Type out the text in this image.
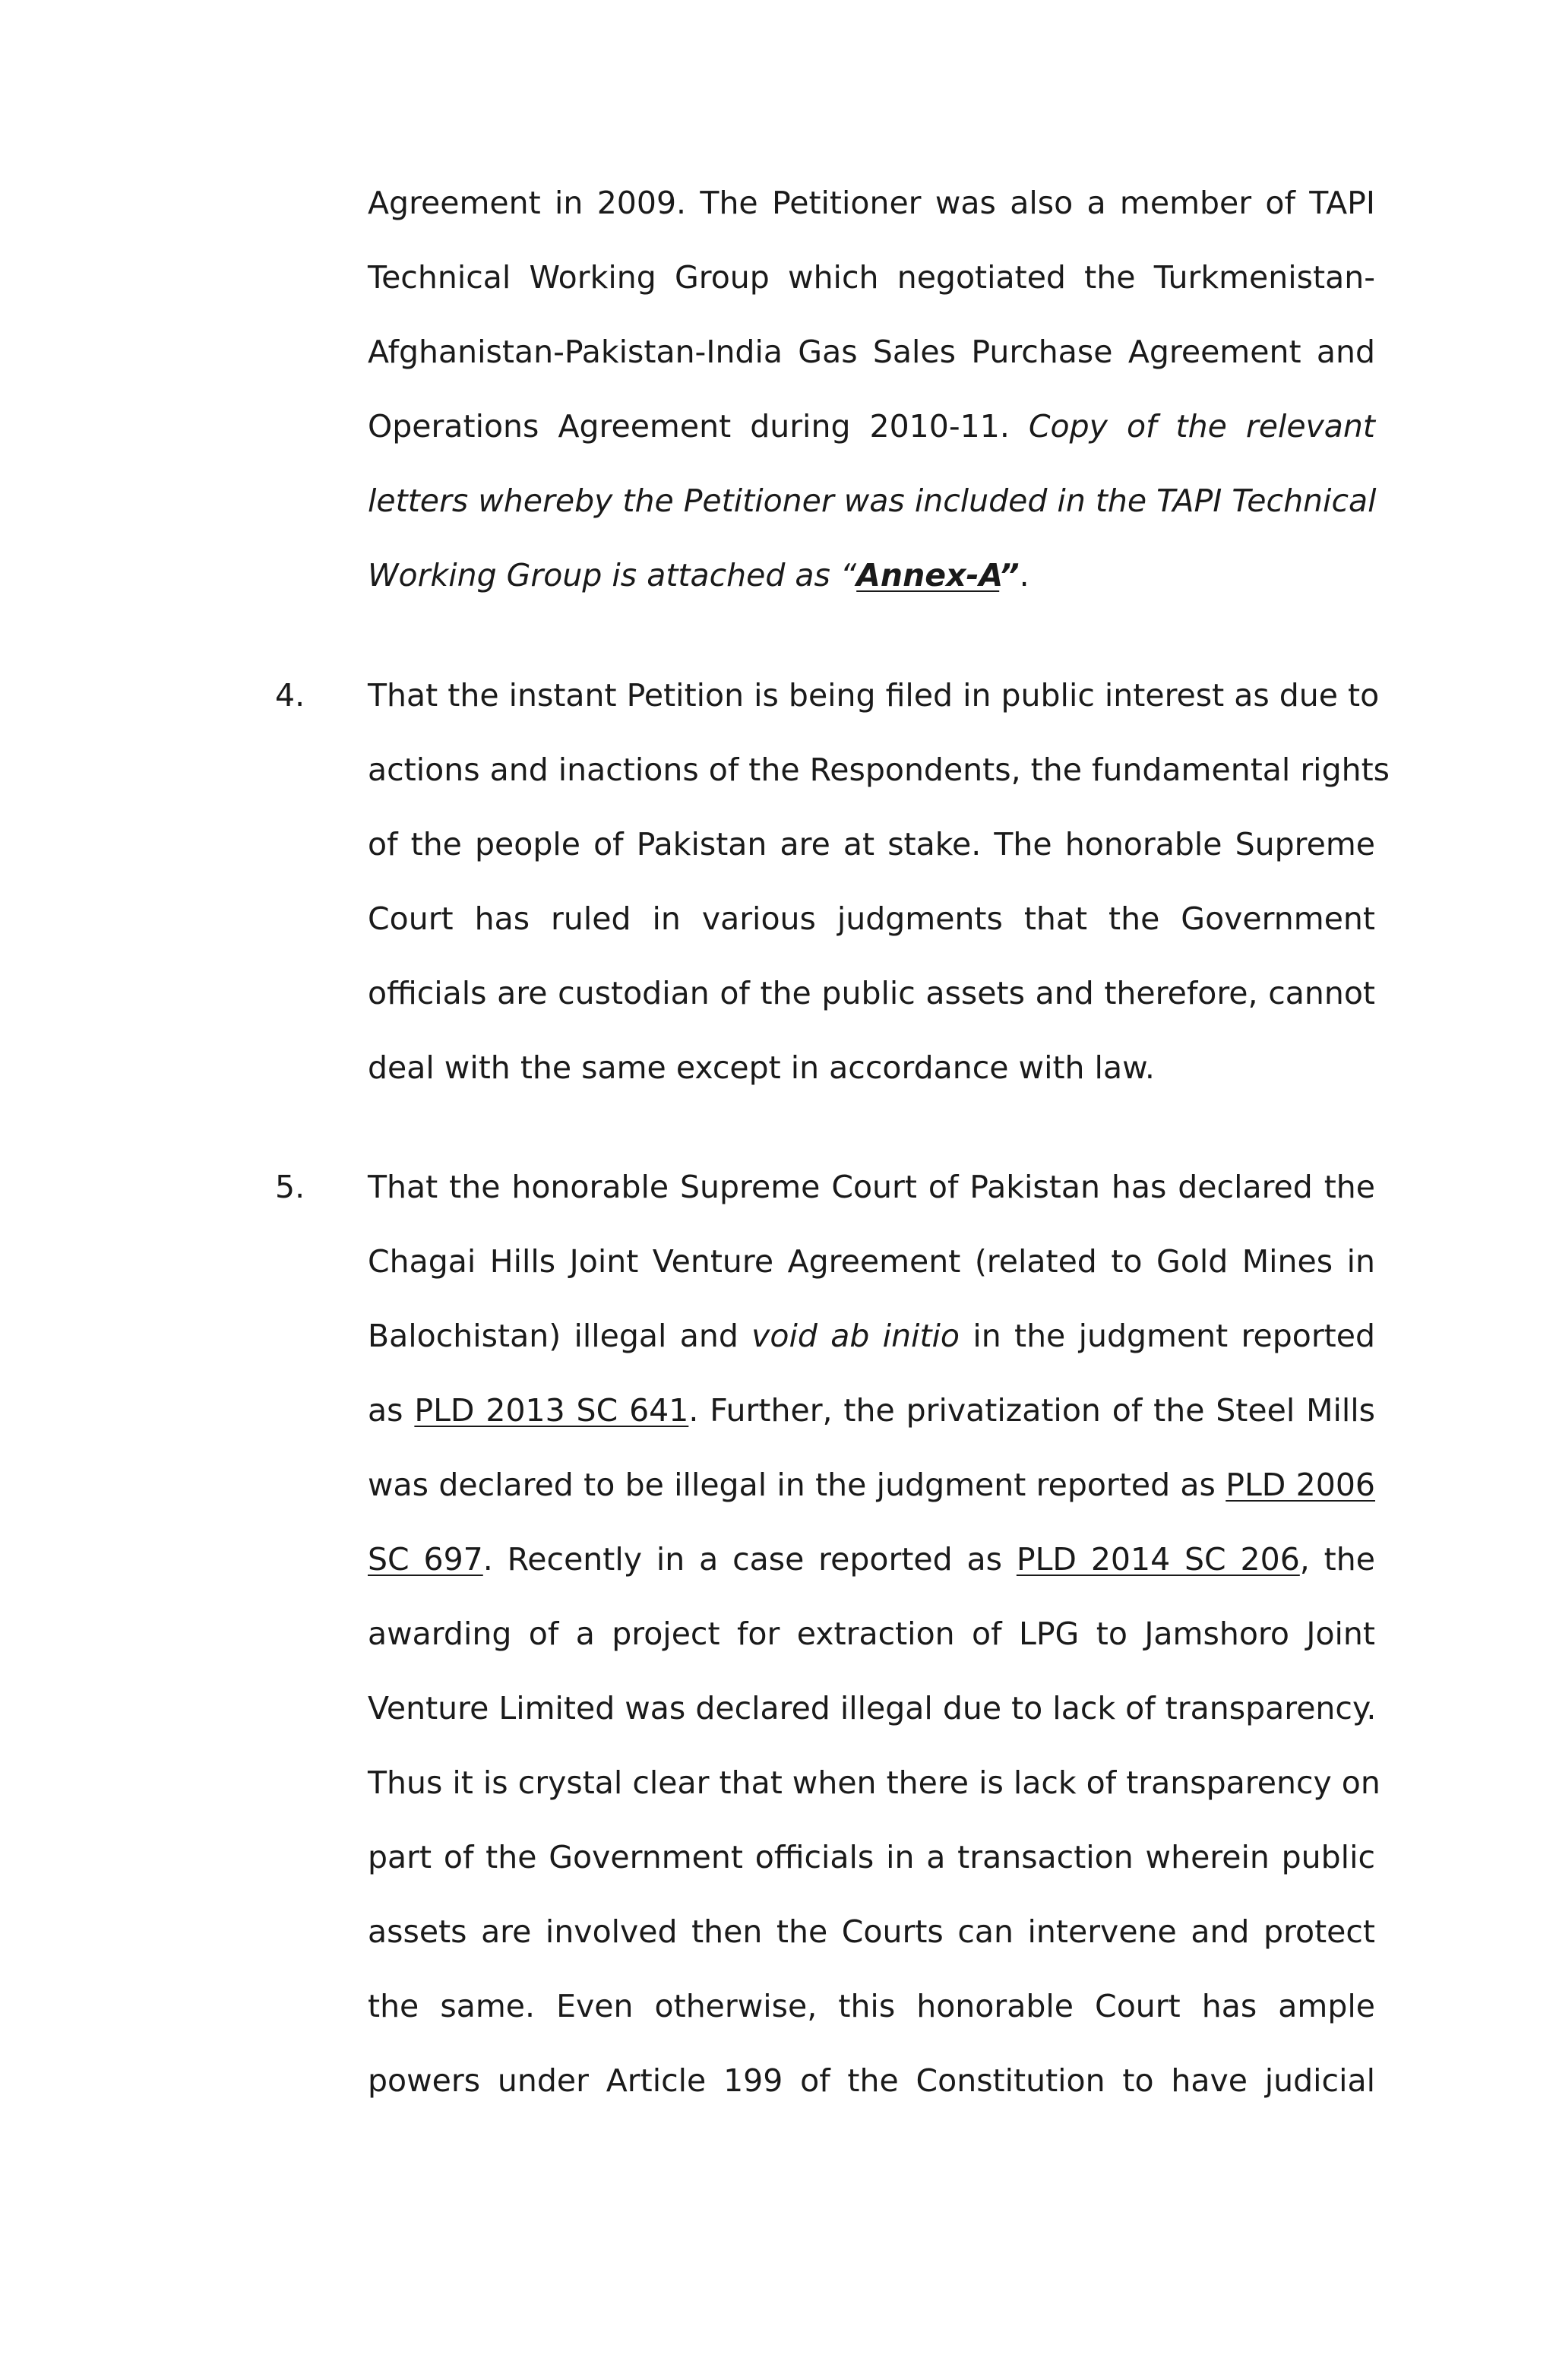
Agreement in 2009. The Petitioner was also a member of TAPI
Technical Working Group which negotiated the Turkmenistan-
Afghanistan-Pakistan-India Gas Sales Purchase Agreement and
Operations Agreement during 2010-11. Copy of the relevant
letters whereby the Petitioner was included in the TAPI Technical
Working Group is attached as “Annex-A”.
4. That the instant Petition is being filed in public interest as due to
actions and inactions of the Respondents, the fundamental rights
of the people of Pakistan are at stake. The honorable Supreme
Court has ruled in various judgments that the Government
officials are custodian of the public assets and therefore, cannot
deal with the same except in accordance with law.
5. That the honorable Supreme Court of Pakistan has declared the
Chagai Hills Joint Venture Agreement (related to Gold Mines in
Balochistan) illegal and void ab initio in the judgment reported
as PLD 2013 SC 641. Further, the privatization of the Steel Mills
was declared to be illegal in the judgment reported as PLD 2006
SC 697. Recently in a case reported as PLD 2014 SC 206, the
awarding of a project for extraction of LPG to Jamshoro Joint
Venture Limited was declared illegal due to lack of transparency.
Thus it is crystal clear that when there is lack of transparency on
part of the Government officials in a transaction wherein public
assets are involved then the Courts can intervene and protect
the same. Even otherwise, this honorable Court has ample
powers under Article 199 of the Constitution to have judicial
